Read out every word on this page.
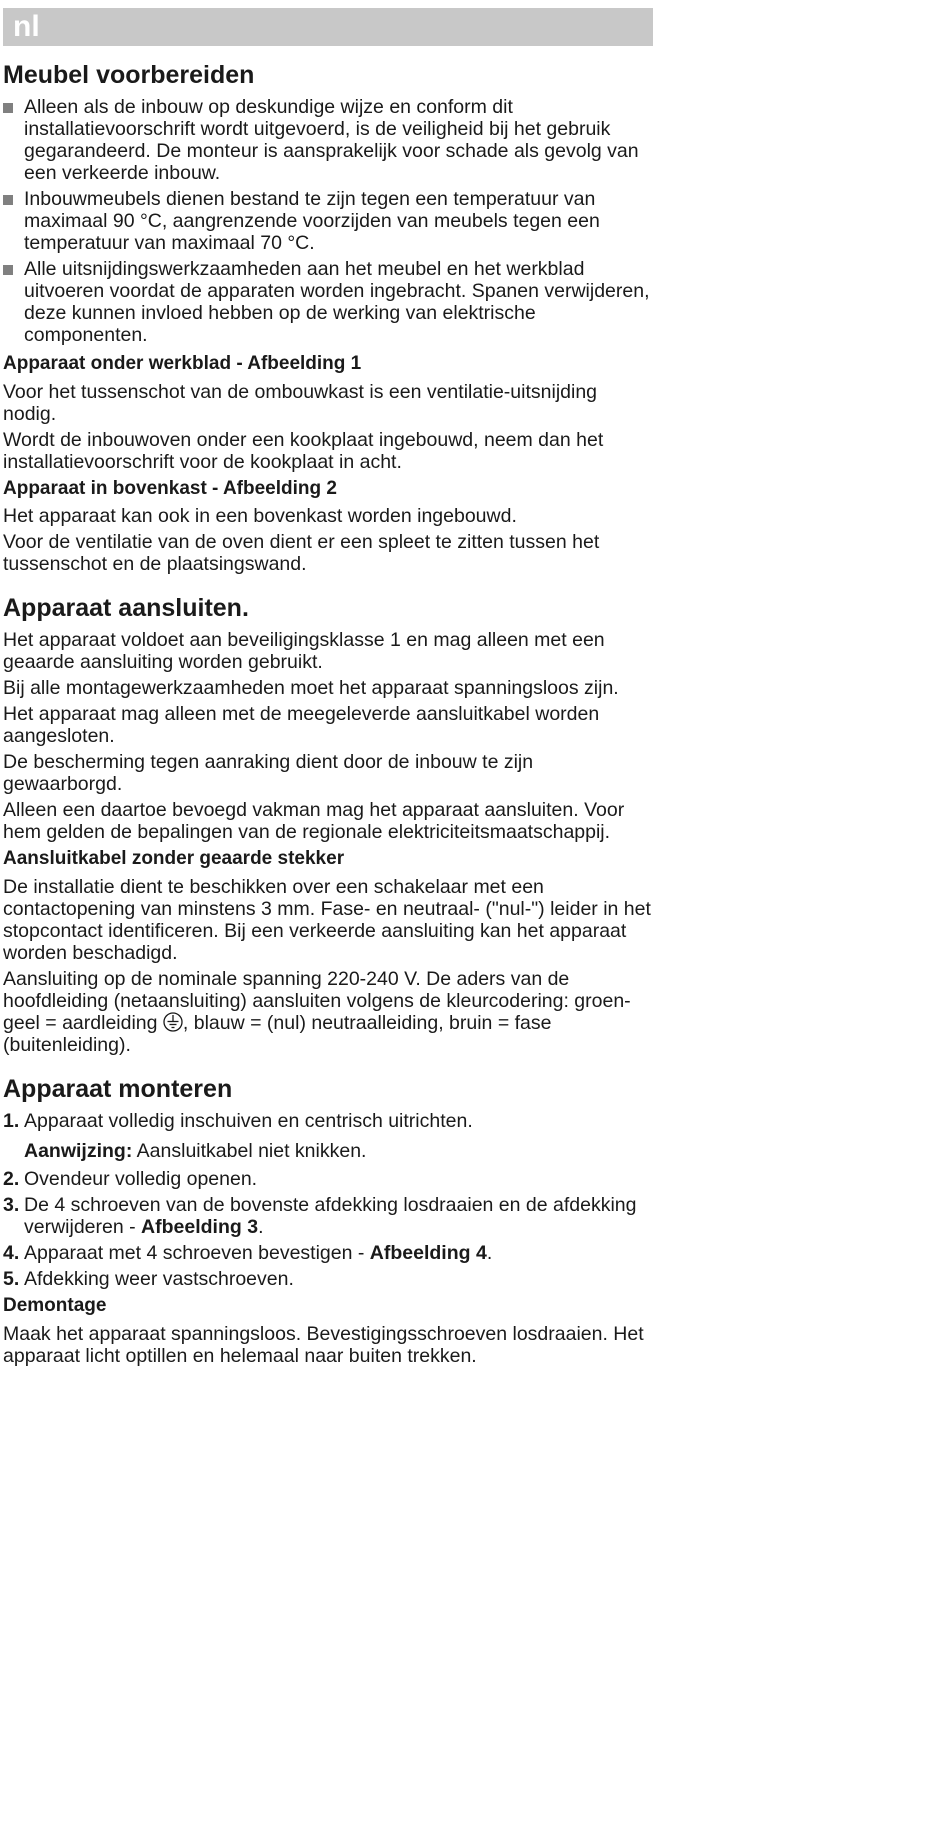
nl
Meubel voorbereiden
Alleen als de inbouw op deskundige wijze en conform dit installatievoorschrift wordt uitgevoerd, is de veiligheid bij het gebruik gegarandeerd. De monteur is aansprakelijk voor schade als gevolg van een verkeerde inbouw.
Inbouwmeubels dienen bestand te zijn tegen een temperatuur van maximaal 90 °C, aangrenzende voorzijden van meubels tegen een temperatuur van maximaal 70 °C.
Alle uitsnijdingswerkzaamheden aan het meubel en het werkblad uitvoeren voordat de apparaten worden ingebracht. Spanen verwijderen, deze kunnen invloed hebben op de werking van elektrische componenten.
Apparaat onder werkblad - Afbeelding 1

Voor het tussenschot van de ombouwkast is een ventilatie-uitsnijding nodig.

Wordt de inbouwoven onder een kookplaat ingebouwd, neem dan het installatievoorschrift voor de kookplaat in acht.

Apparaat in bovenkast - Afbeelding 2

Het apparaat kan ook in een bovenkast worden ingebouwd.

Voor de ventilatie van de oven dient er een spleet te zitten tussen het tussenschot en de plaatsingswand.

Apparaat aansluiten.

Het apparaat voldoet aan beveiligingsklasse 1 en mag alleen met een geaarde aansluiting worden gebruikt.

Bij alle montagewerkzaamheden moet het apparaat spanningsloos zijn.

Het apparaat mag alleen met de meegeleverde aansluitkabel worden aangesloten.

De bescherming tegen aanraking dient door de inbouw te zijn gewaarborgd.

Alleen een daartoe bevoegd vakman mag het apparaat aansluiten. Voor hem gelden de bepalingen van de regionale elektriciteitsmaatschappij.

Aansluitkabel zonder geaarde stekker

De installatie dient te beschikken over een schakelaar met een contactopening van minstens 3 mm. Fase- en neutraal- ("nul-") leider in het stopcontact identificeren. Bij een verkeerde aansluiting kan het apparaat worden beschadigd.

Aansluiting op de nominale spanning 220-240 V. De aders van de hoofdleiding (netaansluiting) aansluiten volgens de kleurcodering: groen-geel = aardleiding , blauw = (nul) neutraalleiding, bruin = fase (buitenleiding).

Apparaat monteren
1. Apparaat volledig inschuiven en centrisch uitrichten.
Aanwijzing: Aansluitkabel niet knikken.
2. Ovendeur volledig openen.
3. De 4 schroeven van de bovenste afdekking losdraaien en de afdekking verwijderen - Afbeelding 3.
4. Apparaat met 4 schroeven bevestigen - Afbeelding 4.
5. Afdekking weer vastschroeven.
Demontage

Maak het apparaat spanningsloos. Bevestigingsschroeven losdraaien. Het apparaat licht optillen en helemaal naar buiten trekken.
